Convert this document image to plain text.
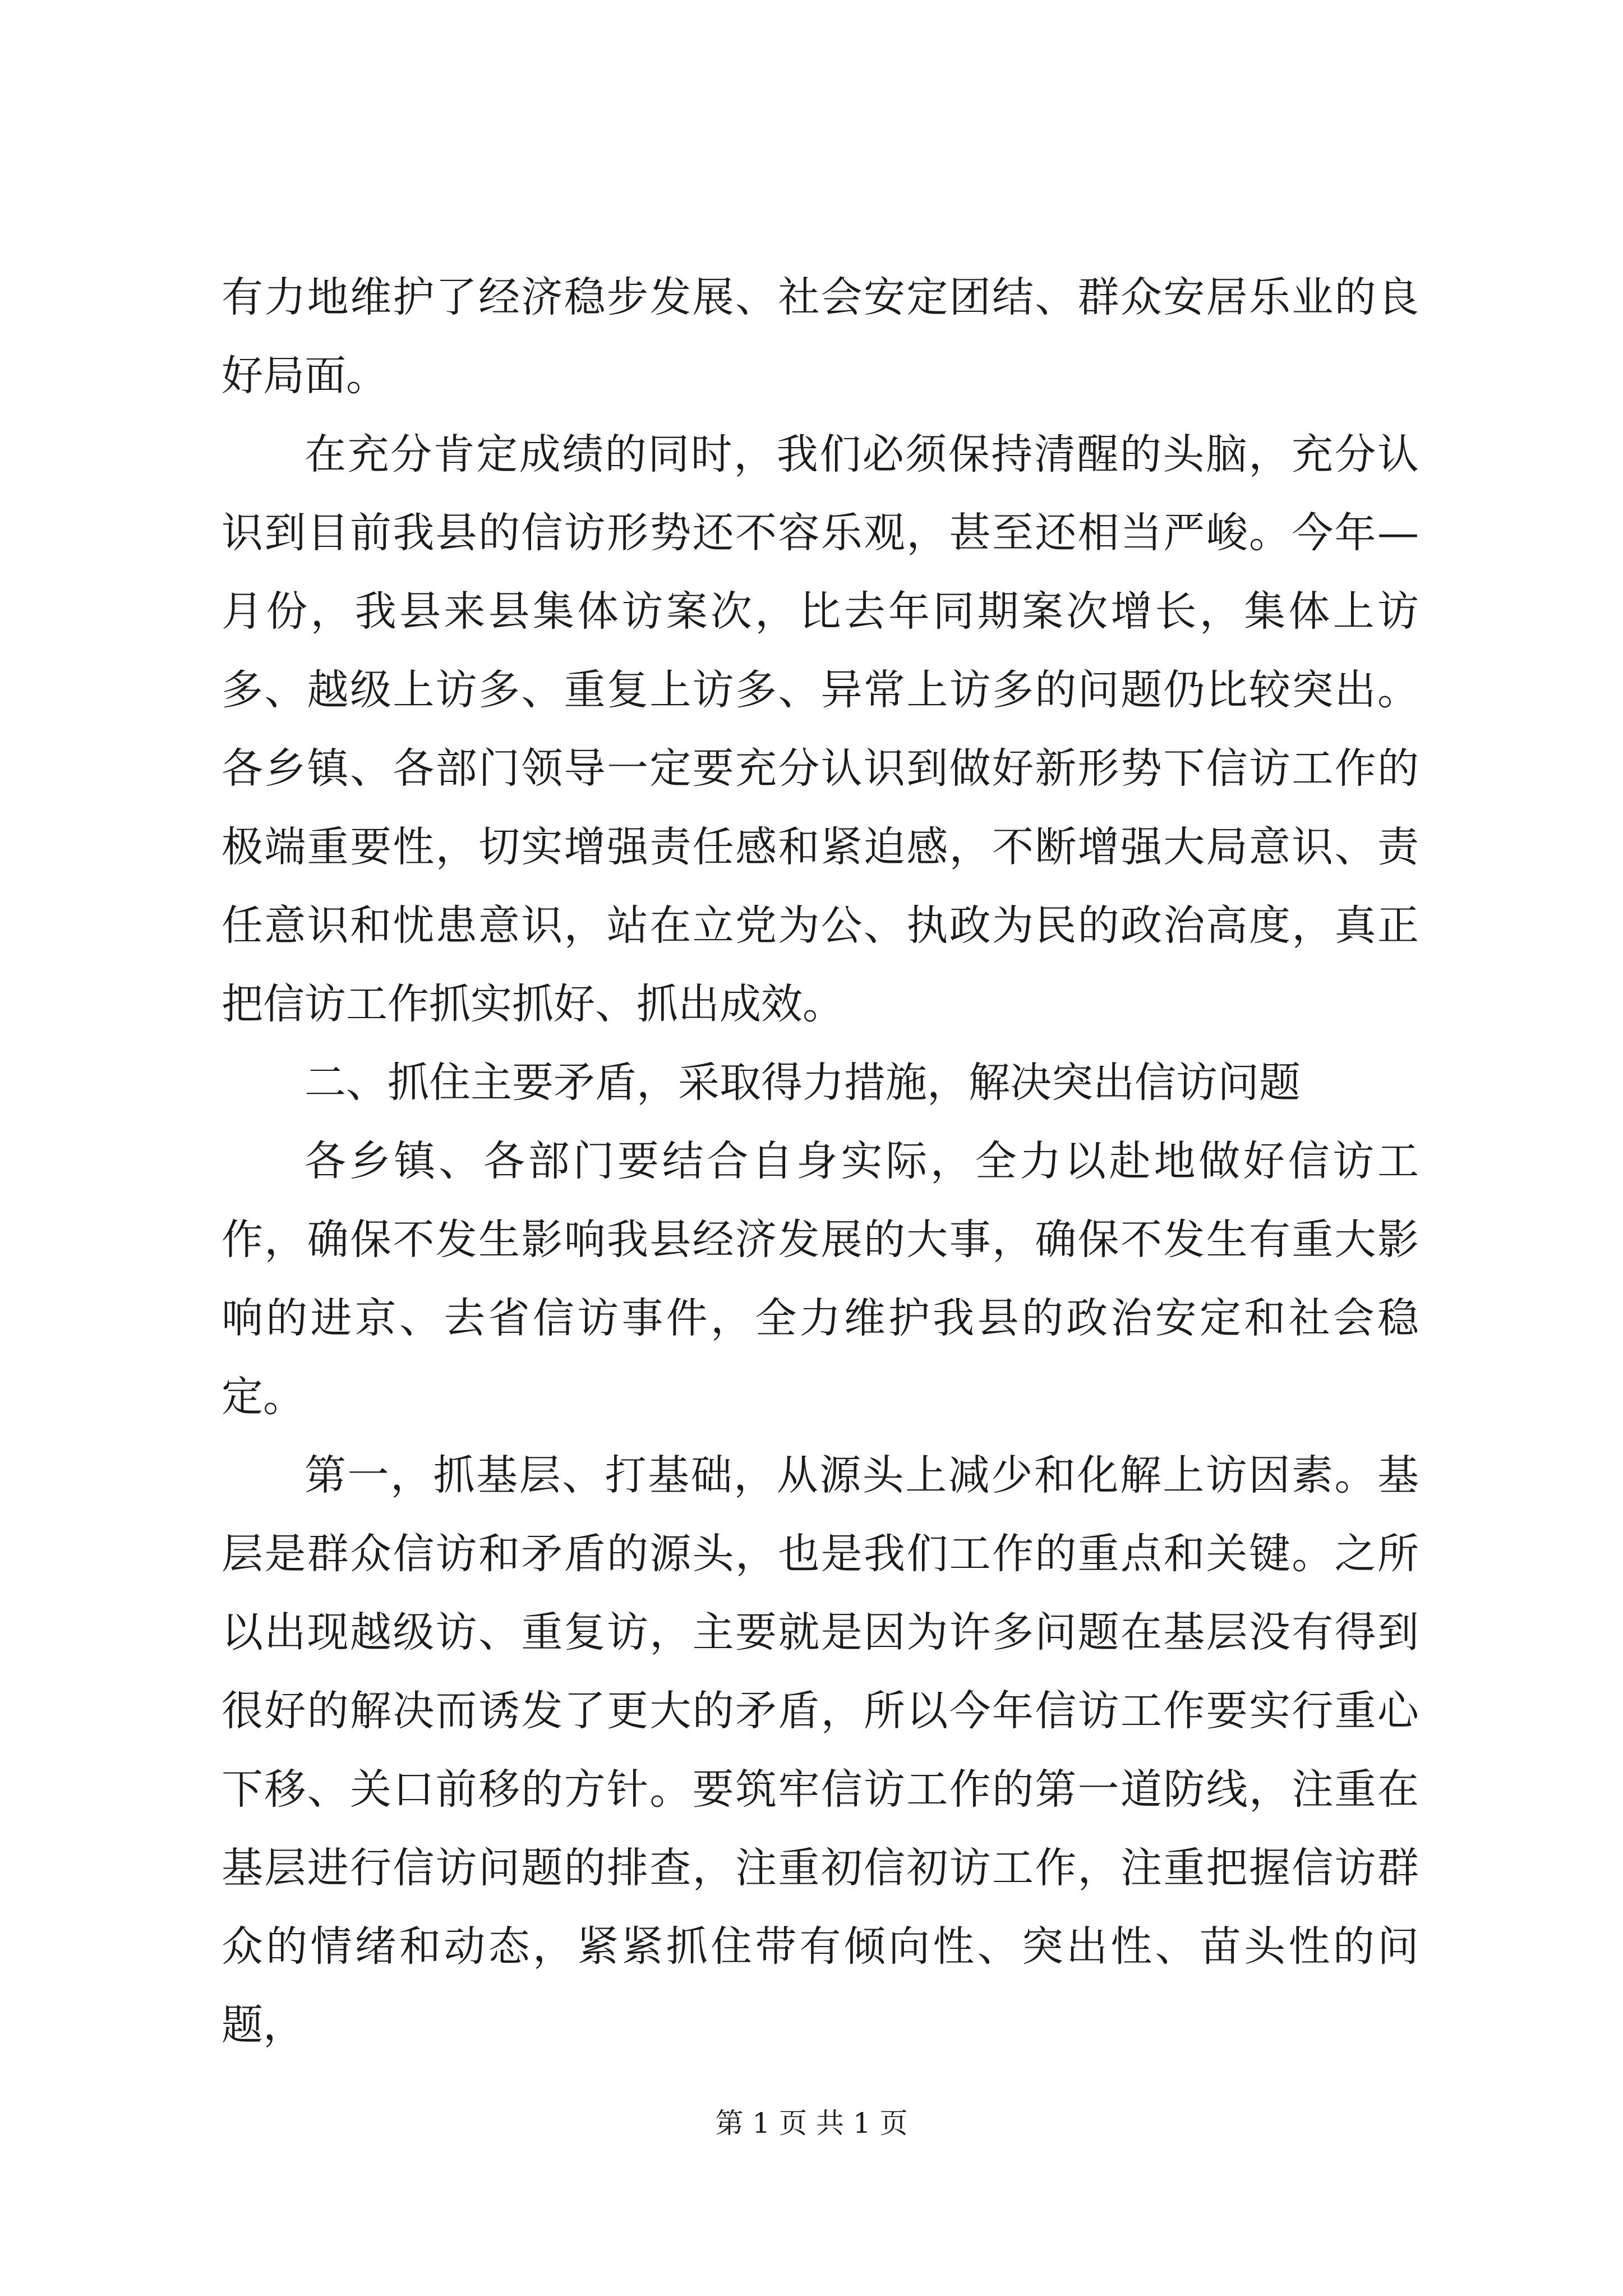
有力地维护了经济稳步发展、社会安定团结、群众安居乐业的良好局面。

在充分肯定成绩的同时，我们必须保持清醒的头脑，充分认识到目前我县的信访形势还不容乐观，甚至还相当严峻。今年—月份，我县来县集体访案次，比去年同期案次增长，集体上访多、越级上访多、重复上访多、异常上访多的问题仍比较突出。各乡镇、各部门领导一定要充分认识到做好新形势下信访工作的极端重要性，切实增强责任感和紧迫感，不断增强大局意识、责任意识和忧患意识，站在立党为公、执政为民的政治高度，真正把信访工作抓实抓好、抓出成效。

二、抓住主要矛盾，采取得力措施，解决突出信访问题

各乡镇、各部门要结合自身实际，全力以赴地做好信访工作，确保不发生影响我县经济发展的大事，确保不发生有重大影响的进京、去省信访事件，全力维护我县的政治安定和社会稳定。

第一，抓基层、打基础，从源头上减少和化解上访因素。基层是群众信访和矛盾的源头，也是我们工作的重点和关键。之所以出现越级访、重复访，主要就是因为许多问题在基层没有得到很好的解决而诱发了更大的矛盾，所以今年信访工作要实行重心下移、关口前移的方针。要筑牢信访工作的第一道防线，注重在基层进行信访问题的排查，注重初信初访工作，注重把握信访群众的情绪和动态，紧紧抓住带有倾向性、突出性、苗头性的问题，

第 1 页 共 1 页
